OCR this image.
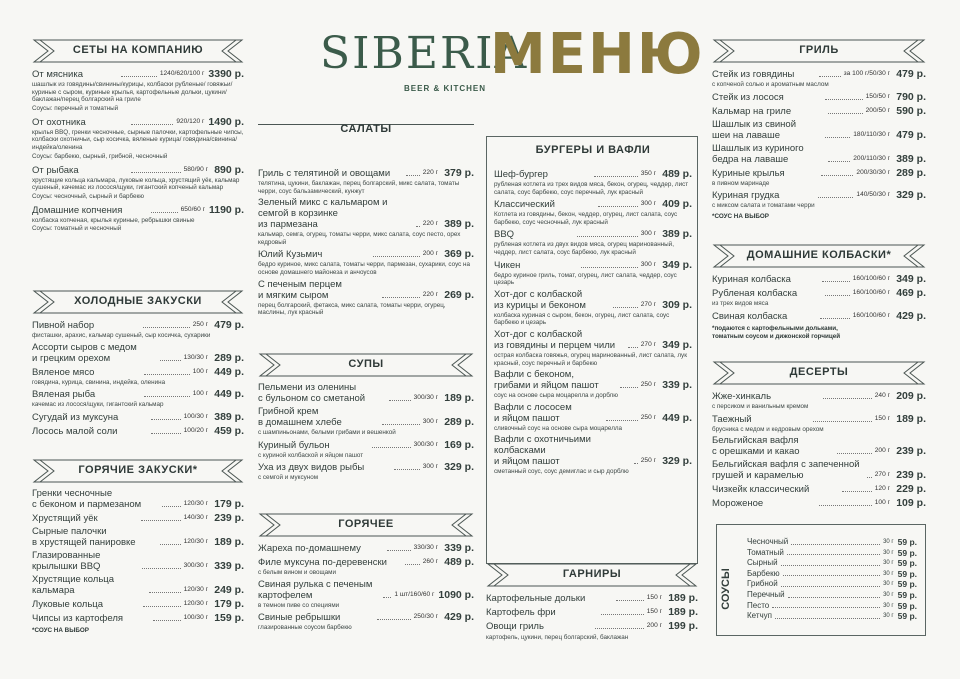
SIBERIA
BEER & KITCHEN
МЕНЮ
СЕТЫ НА КОМПАНИЮ
От мясника	1240/620/100 г 3390 р.
шашлык из говядины/свинины/курицы, колбаски рубленые/ говяжьи/куриные с сыром, куриные крылья, картофельные дольки, цукини/баклажан/перец болгарский на гриле
Соусы: перечный и томатный
От охотника	920/120 г 1490 р.
крылья BBQ, гренки чесночные, сырные палочки, картофельные чипсы, колбаски охотничьи, сыр косичка, вяленые курица/ говядина/свинина/индейка/оленина
Соусы: барбекю, сырный, грибной, чесночный
От рыбака	580/90 г 890 р.
хрустящие кольца кальмара, луковые кольца, хрустящий уёк, кальмар сушеный, качемас из лосося/щуки, гигантский копченый кальмар
Соусы: чесночный, сырный и барбекю
Домашние копчения	650/60 г 1190 р.
колбаска копченая, крылья куриные, ребрышки свиные
Соусы: томатный и чесночный
ХОЛОДНЫЕ ЗАКУСКИ
Пивной набор	250 г 479 р.
фисташки, арахис, кальмар сушеный, сыр косичка, сухарики
Ассорти сыров с медом
и грецким орехом	130/30 г 289 р.
Вяленое мясо	100 г 449 р.
говядина, курица, свинина, индейка, оленина
Вяленая рыба	100 г 449 р.
качемас из лосося/щуки, гигантский кальмар
Сугудай из муксуна	100/30 г 389 р.
Лосось малой соли	100/20 г 459 р.
ГОРЯЧИЕ ЗАКУСКИ*
Гренки чесночные
с беконом и пармезаном	120/30 г 179 р.
Хрустящий уёк	140/30 г 239 р.
Сырные палочки
в хрустящей панировке	120/30 г 189 р.
Глазированные
крылышки BBQ	300/30 г 339 р.
Хрустящие кольца
кальмара	120/30 г 249 р.
Луковые кольца	120/30 г 179 р.
Чипсы из картофеля	100/30 г 159 р.
*СОУС НА ВЫБОР
САЛАТЫ
Гриль с телятиной и овощами	220 г 379 р.
телятина, цукини, баклажан, перец болгарский, микс салата, томаты черри, соус бальзамический, кунжут
Зеленый микс с кальмаром и семгой в корзинке
из пармезана	220 г 389 р.
кальмар, семга, огурец, томаты черри, микс салата, соус песто, орех кедровый
Юлий Кузьмич	200 г 369 р.
бедро куриное, микс салата, томаты черри, пармезан, сухарики, соус на основе домашнего майонеза и анчоусов
С печеным перцем
и мягким сыром	220 г 269 р.
перец болгарский, фетакса, микс салата, томаты черри, огурец, маслины, лук красный
СУПЫ
Пельмени из оленины
с бульоном со сметаной	300/30 г 189 р.
Грибной крем
в домашнем хлебе	300 г 289 р.
с шампиньонами, белыми грибами и вешенкой
Куриный бульон	300/30 г 169 р.
с куриной колбаской и яйцом пашот
Уха из двух видов рыбы	300 г 329 р.
с семгой и муксуном
ГОРЯЧЕЕ
Жареха по-домашнему	330/30 г 339 р.
Филе муксуна по-деревенски	260 г 489 р.
с белым вином и овощами
Свиная рулька с печеным
картофелем	1 шт/160/60 г 1090 р.
в темном пиве со специями
Свиные ребрышки	250/30 г 429 р.
глазированные соусом барбекю
БУРГЕРЫ И ВАФЛИ
Шеф-бургер	350 г 489 р.
рубленая котлета из трех видов мяса, бекон, огурец, чеддер, лист салата, соус барбекю, соус перечный, лук красный
Классический	300 г 409 р.
Котлета из говядины, бекон, чеддер, огурец, лист салата, соус барбекю, соус чесночный, лук красный
BBQ	300 г 389 р.
рубленая котлета из двух видов мяса, огурец маринованный, чеддер, лист салата, соус барбекю, лук красный
Чикен	300 г 349 р.
бедро куриное гриль, томат, огурец, лист салата, чеддер, соус цезарь
Хот-дог с колбаской
из курицы и беконом	270 г 309 р.
колбаска куриная с сыром, бекон, огурец, лист салата, соус барбекю и цезарь
Хот-дог с колбаской
из говядины и перцем чили	270 г 349 р.
острая колбаска говяжья, огурец маринованный, лист салата, лук красный, соус перечный и барбекю
Вафли с беконом,
грибами и яйцом пашот	250 г 339 р.
соус на основе сыра моцарелла и дорблю
Вафли с лососем
и яйцом пашот	250 г 449 р.
сливочный соус на основе сыра моцарелла
Вафли с охотничьими колбасками
и яйцом пашот	250 г 329 р.
сметанный соус, соус демиглас и сыр дорблю
ГАРНИРЫ
Картофельные дольки	150 г 189 р.
Картофель фри	150 г 189 р.
Овощи гриль	200 г 199 р.
картофель, цукини, перец болгарский, баклажан
ГРИЛЬ
Стейк из говядины	за 100 г/50/30 г 479 р.
с копченой солью и ароматным маслом
Стейк из лосося	150/50 г 790 р.
Кальмар на гриле	200/50 г 590 р.
Шашлык из свиной
шеи на лаваше	180/110/30 г 479 р.
Шашлык из куриного
бедра на лаваше	200/110/30 г 389 р.
Куриные крылья	200/30/30 г 289 р.
в пивном маринаде
Куриная грудка	140/50/30 г 329 р.
с миксом салата и томатами черри
*СОУС НА ВЫБОР
ДОМАШНИЕ КОЛБАСКИ*
Куриная колбаска	160/100/60 г 349 р.
Рубленая колбаска	160/100/60 г 469 р.
из трех видов мяса
Свиная колбаска	160/100/60 г 429 р.
*подаются с картофельными дольками,
томатным соусом и дижонской горчицей
ДЕСЕРТЫ
Жже-хинкаль	240 г 209 р.
с персиком и ванильным кремом
Таежный	150 г 189 р.
брусника с медом и кедровым орехом
Бельгийская вафля
с орешками и какао	200 г 239 р.
Бельгийская вафля с запеченной
грушей и карамелью	270 г 239 р.
Чизкейк классический	120 г 229 р.
Мороженое	100 г 109 р.
СОУСЫ
Чесночный	30 г 59 р.
Томатный	30 г 59 р.
Сырный	30 г 59 р.
Барбекю	30 г 59 р.
Грибной	30 г 59 р.
Перечный	30 г 59 р.
Песто	30 г 59 р.
Кетчуп	30 г 59 р.
